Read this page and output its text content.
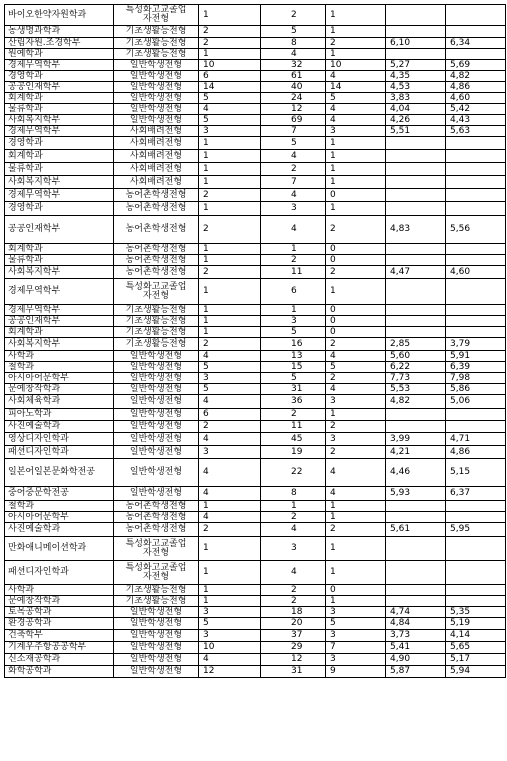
바이오한약자원학과	특성화고교졸업
자전형	1	2	1		
농생명과학과	기초생활등전형	2	5	1		
산림자원.조경학부	기초생활등전형	2	8	2	6,10	6,34
원예학과	기초생활등전형	1	4	1		
경제무역학부	일반학생전형	10	32	10	5,27	5,69
경영학과	일반학생전형	6	61	4	4,35	4,82
공공인재학부	일반학생전형	14	40	14	4,53	4,86
회계학과	일반학생전형	5	24	5	3,83	4,60
물류학과	일반학생전형	4	12	4	4,04	5,42
사회복지학부	일반학생전형	5	69	4	4,26	4,43
경제무역학부	사회배려전형	3	7	3	5,51	5,63
경영학과	사회배려전형	1	5	1		
회계학과	사회배려전형	1	4	1		
물류학과	사회배려전형	1	2	1		
사회복지학부	사회배려전형	1	7	1		
경제무역학부	농어촌학생전형	2	4	0		
경영학과	농어촌학생전형	1	3	1		
공공인재학부	농어촌학생전형	2	4	2	4,83	5,56
회계학과	농어촌학생전형	1	1	0		
물류학과	농어촌학생전형	1	2	0		
사회복지학부	농어촌학생전형	2	11	2	4,47	4,60
경제무역학부	특성화고교졸업
자전형	1	6	1		
경제무역학부	기초생활등전형	1	1	0		
공공인재학부	기초생활등전형	1	3	0		
회계학과	기초생활등전형	1	5	0		
사회복지학부	기초생활등전형	2	16	2	2,85	3,79
사학과	일반학생전형	4	13	4	5,60	5,91
철학과	일반학생전형	5	15	5	6,22	6,39
아시아어문학부	일반학생전형	3	5	2	7,73	7,98
문예창작학과	일반학생전형	5	31	4	5,53	5,86
사회체육학과	일반학생전형	4	36	3	4,82	5,06
피아노학과	일반학생전형	6	2	1		
사진예술학과	일반학생전형	2	11	2		
영상디자인학과	일반학생전형	4	45	3	3,99	4,71
패션디자인학과	일반학생전형	3	19	2	4,21	4,86
일본어일본문화학전공	일반학생전형	4	22	4	4,46	5,15
중어중문학전공	일반학생전형	4	8	4	5,93	6,37
철학과	농어촌학생전형	1	1	1		
아시아어문학부	농어촌학생전형	4	2	1		
사진예술학과	농어촌학생전형	2	4	2	5,61	5,95
만화애니메이션학과	특성화고교졸업
자전형	1	3	1		
패션디자인학과	특성화고교졸업
자전형	1	4	1		
사학과	기초생활등전형	1	2	0		
문예창작학과	기초생활등전형	1	2	1		
토목공학과	일반학생전형	3	18	3	4,74	5,35
환경공학과	일반학생전형	5	20	5	4,84	5,19
건축학부	일반학생전형	3	37	3	3,73	4,14
기계우주항공공학부	일반학생전형	10	29	7	5,41	5,65
신소재공학과	일반학생전형	4	12	3	4,90	5,17
화학공학과	일반학생전형	12	31	9	5,87	5,94
